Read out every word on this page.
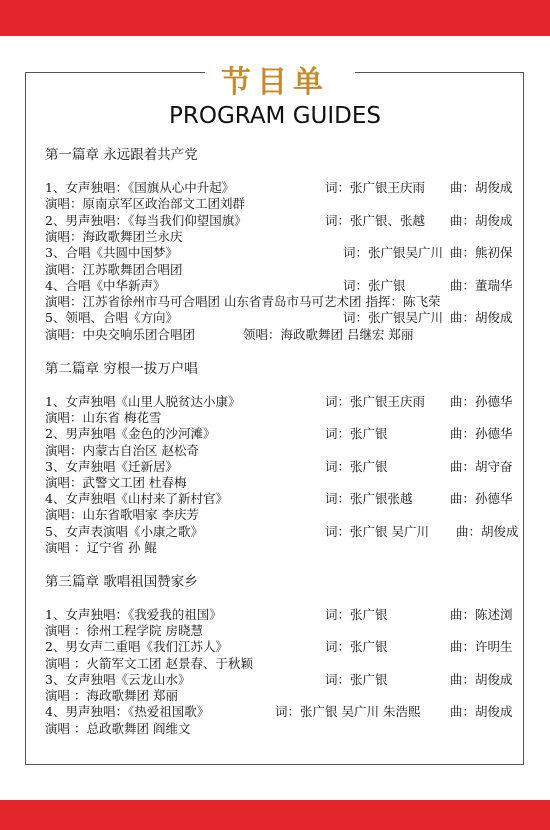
节目单
PROGRAM GUIDES
第一篇章 永远跟着共产党
1、女声独唱：《国旗从心中升起》	词：张广银王庆雨 曲：胡俊成
演唱：原南京军区政治部文工团刘群
2、男声独唱：《每当我们仰望国旗》	词：张广银、张越 曲：胡俊成
演唱：海政歌舞团兰永庆
3、合唱《共圆中国梦》	词：张广银吴广川 曲：熊初保
演唱：江苏歌舞团合唱团
4、合唱《中华新声》	词：张广银	曲：董瑞华
演唱：江苏省徐州市马可合唱团 山东省青岛市马可艺术团 指挥：陈飞荣
5、领唱、合唱《方向》	词：张广银吴广川 曲：胡俊成
演唱：中央交响乐团合唱团	领唱：海政歌舞团 吕继宏 郑丽
第二篇章 穷根一拔万户唱
1、女声独唱《山里人脱贫达小康》	词：张广银王庆雨 曲：孙德华
演唱：山东省 梅花雪
2、男声独唱《金色的沙河滩》	词：张广银	曲：孙德华
演唱：内蒙古自治区 赵松奇
3、女声独唱《迁新居》	词：张广银	曲：胡守奋
演唱：武警文工团 杜春梅
4、女声独唱《山村来了新村官》	词：张广银张越	曲：孙德华
演唱：山东省歌唱家 李庆芳
5、女声表演唱《小康之歌》	词：张广银 吴广川 曲：胡俊成
演唱 ：辽宁省 孙 鲲
第三篇章 歌唱祖国赞家乡
1、女声独唱：《我爱我的祖国》	词：张广银	曲：陈述浏
演唱 ：徐州工程学院 房晓慧
2、男女声二重唱《我们江苏人》	词：张广银	曲：许明生
演唱 ：火箭军文工团 赵景春、于秋颖
3、女声独唱《云龙山水》	词：张广银	曲：胡俊成
演唱 ：海政歌舞团 郑丽
4、男声独唱：《热爱祖国歌》	词：张广银 吴广川 朱浩熙 曲：胡俊成
演唱 ：总政歌舞团 阎维文
